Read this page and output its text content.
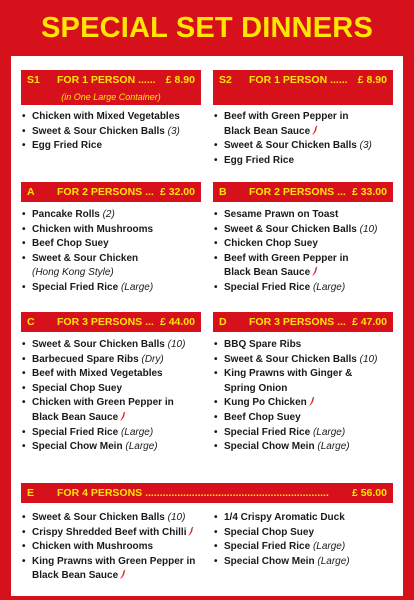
SPECIAL SET DINNERS
S1 FOR 1 PERSON ...... £ 8.90
(in One Large Container)
• Chicken with Mixed Vegetables
• Sweet & Sour Chicken Balls (3)
• Egg Fried Rice
S2 FOR 1 PERSON ...... £ 8.90
• Beef with Green Pepper in
Black Bean Sauce
• Sweet & Sour Chicken Balls (3)
• Egg Fried Rice
A FOR 2 PERSONS ... £ 32.00
• Pancake Rolls (2)
• Chicken with Mushrooms
• Beef Chop Suey
• Sweet & Sour Chicken
(Hong Kong Style)
• Special Fried Rice (Large)
B FOR 2 PERSONS ... £ 33.00
• Sesame Prawn on Toast
• Sweet & Sour Chicken Balls (10)
• Chicken Chop Suey
• Beef with Green Pepper in
Black Bean Sauce
• Special Fried Rice (Large)
C FOR 3 PERSONS ... £ 44.00
• Sweet & Sour Chicken Balls (10)
• Barbecued Spare Ribs (Dry)
• Beef with Mixed Vegetables
• Special Chop Suey
• Chicken with Green Pepper in
Black Bean Sauce
• Special Fried Rice (Large)
• Special Chow Mein (Large)
D FOR 3 PERSONS ... £ 47.00
• BBQ Spare Ribs
• Sweet & Sour Chicken Balls (10)
• King Prawns with Ginger &
Spring Onion
• Kung Po Chicken
• Beef Chop Suey
• Special Fried Rice (Large)
• Special Chow Mein (Large)
E FOR 4 PERSONS ...............................................................	£ 56.00
• Sweet & Sour Chicken Balls (10)
• Crispy Shredded Beef with Chilli
• Chicken with Mushrooms
• King Prawns with Green Pepper in
Black Bean Sauce
• 1/4 Crispy Aromatic Duck
• Special Chop Suey
• Special Fried Rice (Large)
• Special Chow Mein (Large)
